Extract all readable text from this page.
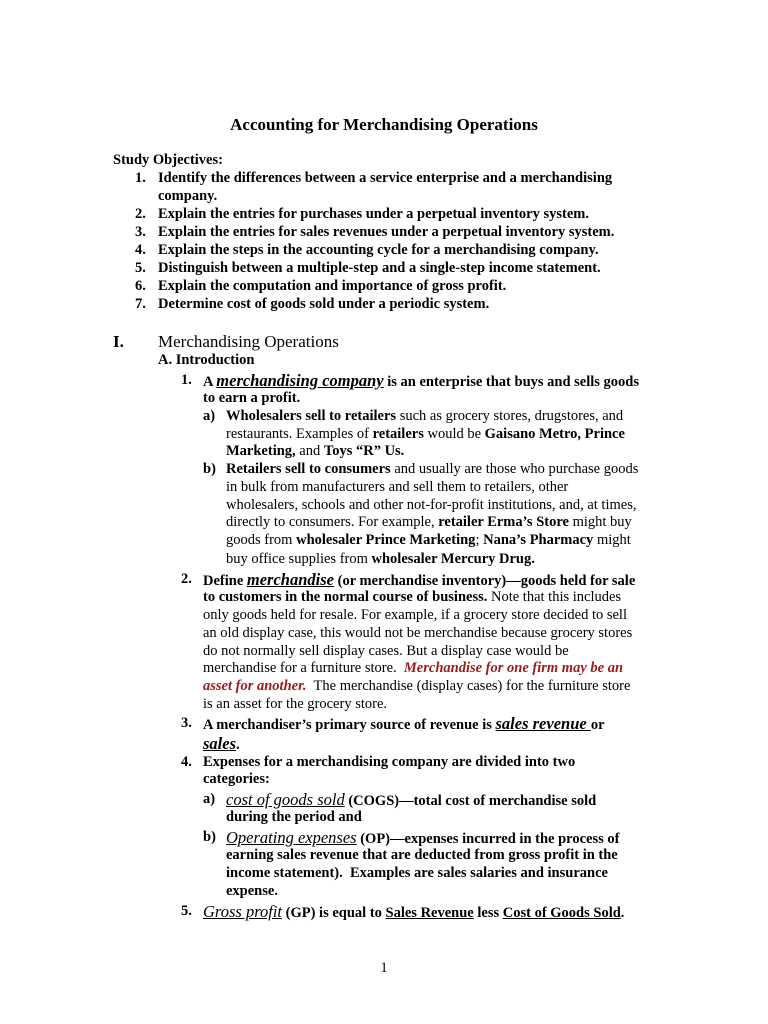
Accounting for Merchandising Operations
Study Objectives:
1. Identify the differences between a service enterprise and a merchandising
company.
2. Explain the entries for purchases under a perpetual inventory system.
3. Explain the entries for sales revenues under a perpetual inventory system.
4. Explain the steps in the accounting cycle for a merchandising company.
5. Distinguish between a multiple-step and a single-step income statement.
6. Explain the computation and importance of gross profit.
7. Determine cost of goods sold under a periodic system.
I. Merchandising Operations
A. Introduction
1. A merchandising company is an enterprise that buys and sells goods
to earn a profit.
a) Wholesalers sell to retailers such as grocery stores, drugstores, and
restaurants. Examples of retailers would be Gaisano Metro, Prince
Marketing, and Toys “R” Us.
b) Retailers sell to consumers and usually are those who purchase goods
in bulk from manufacturers and sell them to retailers, other
wholesalers, schools and other not-for-profit institutions, and, at times,
directly to consumers. For example, retailer Erma’s Store might buy
goods from wholesaler Prince Marketing; Nana’s Pharmacy might
buy office supplies from wholesaler Mercury Drug.
2. Define merchandise (or merchandise inventory)—goods held for sale
to customers in the normal course of business. Note that this includes
only goods held for resale. For example, if a grocery store decided to sell
an old display case, this would not be merchandise because grocery stores
do not normally sell display cases. But a display case would be
merchandise for a furniture store.  Merchandise for one firm may be an
asset for another.  The merchandise (display cases) for the furniture store
is an asset for the grocery store.
3. A merchandiser’s primary source of revenue is sales revenue or
sales.
4. Expenses for a merchandising company are divided into two
categories:
a) cost of goods sold (COGS)—total cost of merchandise sold
during the period and
b) Operating expenses (OP)—expenses incurred in the process of
earning sales revenue that are deducted from gross profit in the
income statement).  Examples are sales salaries and insurance
expense.
5. Gross profit (GP) is equal to Sales Revenue less Cost of Goods Sold.
1
